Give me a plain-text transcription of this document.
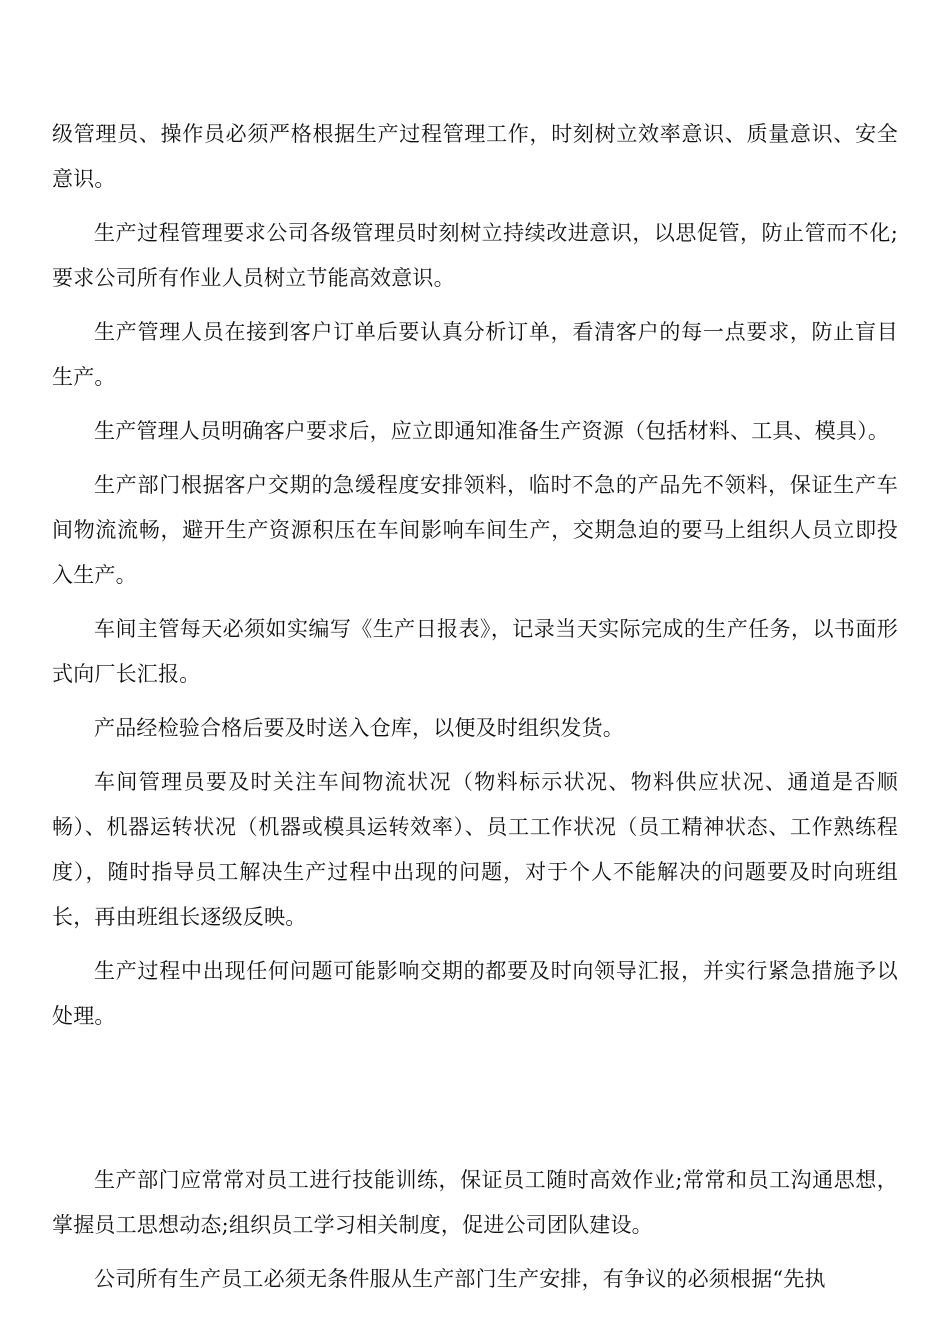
级管理员、操作员必须严格根据生产过程管理工作，时刻树立效率意识、质量意识、安全意识。

生产过程管理要求公司各级管理员时刻树立持续改进意识，以思促管，防止管而不化;要求公司所有作业人员树立节能高效意识。

生产管理人员在接到客户订单后要认真分析订单，看清客户的每一点要求，防止盲目生产。

生产管理人员明确客户要求后，应立即通知准备生产资源（包括材料、工具、模具）。

生产部门根据客户交期的急缓程度安排领料，临时不急的产品先不领料，保证生产车间物流流畅，避开生产资源积压在车间影响车间生产，交期急迫的要马上组织人员立即投入生产。

车间主管每天必须如实编写《生产日报表》，记录当天实际完成的生产任务，以书面形式向厂长汇报。

产品经检验合格后要及时送入仓库，以便及时组织发货。

车间管理员要及时关注车间物流状况（物料标示状况、物料供应状况、通道是否顺畅）、机器运转状况（机器或模具运转效率）、员工工作状况（员工精神状态、工作熟练程度），随时指导员工解决生产过程中出现的问题，对于个人不能解决的问题要及时向班组长，再由班组长逐级反映。

生产过程中出现任何问题可能影响交期的都要及时向领导汇报，并实行紧急措施予以处理。

生产部门应常常对员工进行技能训练，保证员工随时高效作业;常常和员工沟通思想，掌握员工思想动态;组织员工学习相关制度，促进公司团队建设。

公司所有生产员工必须无条件服从生产部门生产安排，有争议的必须根据“先执
